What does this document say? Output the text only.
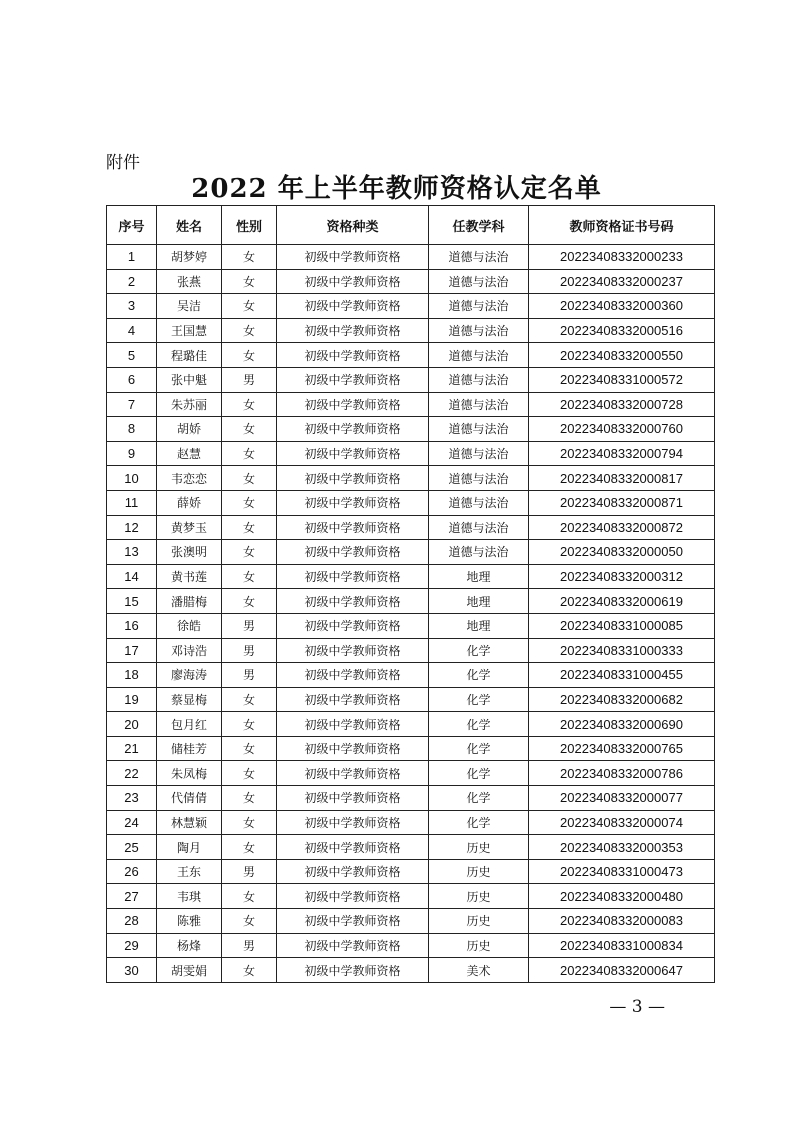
附件
2022 年上半年教师资格认定名单
序号	姓名	性别	资格种类	任教学科	教师资格证书号码
1	胡梦婷	女	初级中学教师资格	道德与法治	20223408332000233
2	张燕	女	初级中学教师资格	道德与法治	20223408332000237
3	吴洁	女	初级中学教师资格	道德与法治	20223408332000360
4	王国慧	女	初级中学教师资格	道德与法治	20223408332000516
5	程璐佳	女	初级中学教师资格	道德与法治	20223408332000550
6	张中魁	男	初级中学教师资格	道德与法治	20223408331000572
7	朱苏丽	女	初级中学教师资格	道德与法治	20223408332000728
8	胡娇	女	初级中学教师资格	道德与法治	20223408332000760
9	赵慧	女	初级中学教师资格	道德与法治	20223408332000794
10	韦恋恋	女	初级中学教师资格	道德与法治	20223408332000817
11	薛娇	女	初级中学教师资格	道德与法治	20223408332000871
12	黄梦玉	女	初级中学教师资格	道德与法治	20223408332000872
13	张澳明	女	初级中学教师资格	道德与法治	20223408332000050
14	黄书莲	女	初级中学教师资格	地理	20223408332000312
15	潘腊梅	女	初级中学教师资格	地理	20223408332000619
16	徐皓	男	初级中学教师资格	地理	20223408331000085
17	邓诗浩	男	初级中学教师资格	化学	20223408331000333
18	廖海涛	男	初级中学教师资格	化学	20223408331000455
19	蔡显梅	女	初级中学教师资格	化学	20223408332000682
20	包月红	女	初级中学教师资格	化学	20223408332000690
21	储桂芳	女	初级中学教师资格	化学	20223408332000765
22	朱凤梅	女	初级中学教师资格	化学	20223408332000786
23	代倩倩	女	初级中学教师资格	化学	20223408332000077
24	林慧颖	女	初级中学教师资格	化学	20223408332000074
25	陶月	女	初级中学教师资格	历史	20223408332000353
26	王东	男	初级中学教师资格	历史	20223408331000473
27	韦琪	女	初级中学教师资格	历史	20223408332000480
28	陈雅	女	初级中学教师资格	历史	20223408332000083
29	杨烽	男	初级中学教师资格	历史	20223408331000834
30	胡雯娟	女	初级中学教师资格	美术	20223408332000647
— 3 —
